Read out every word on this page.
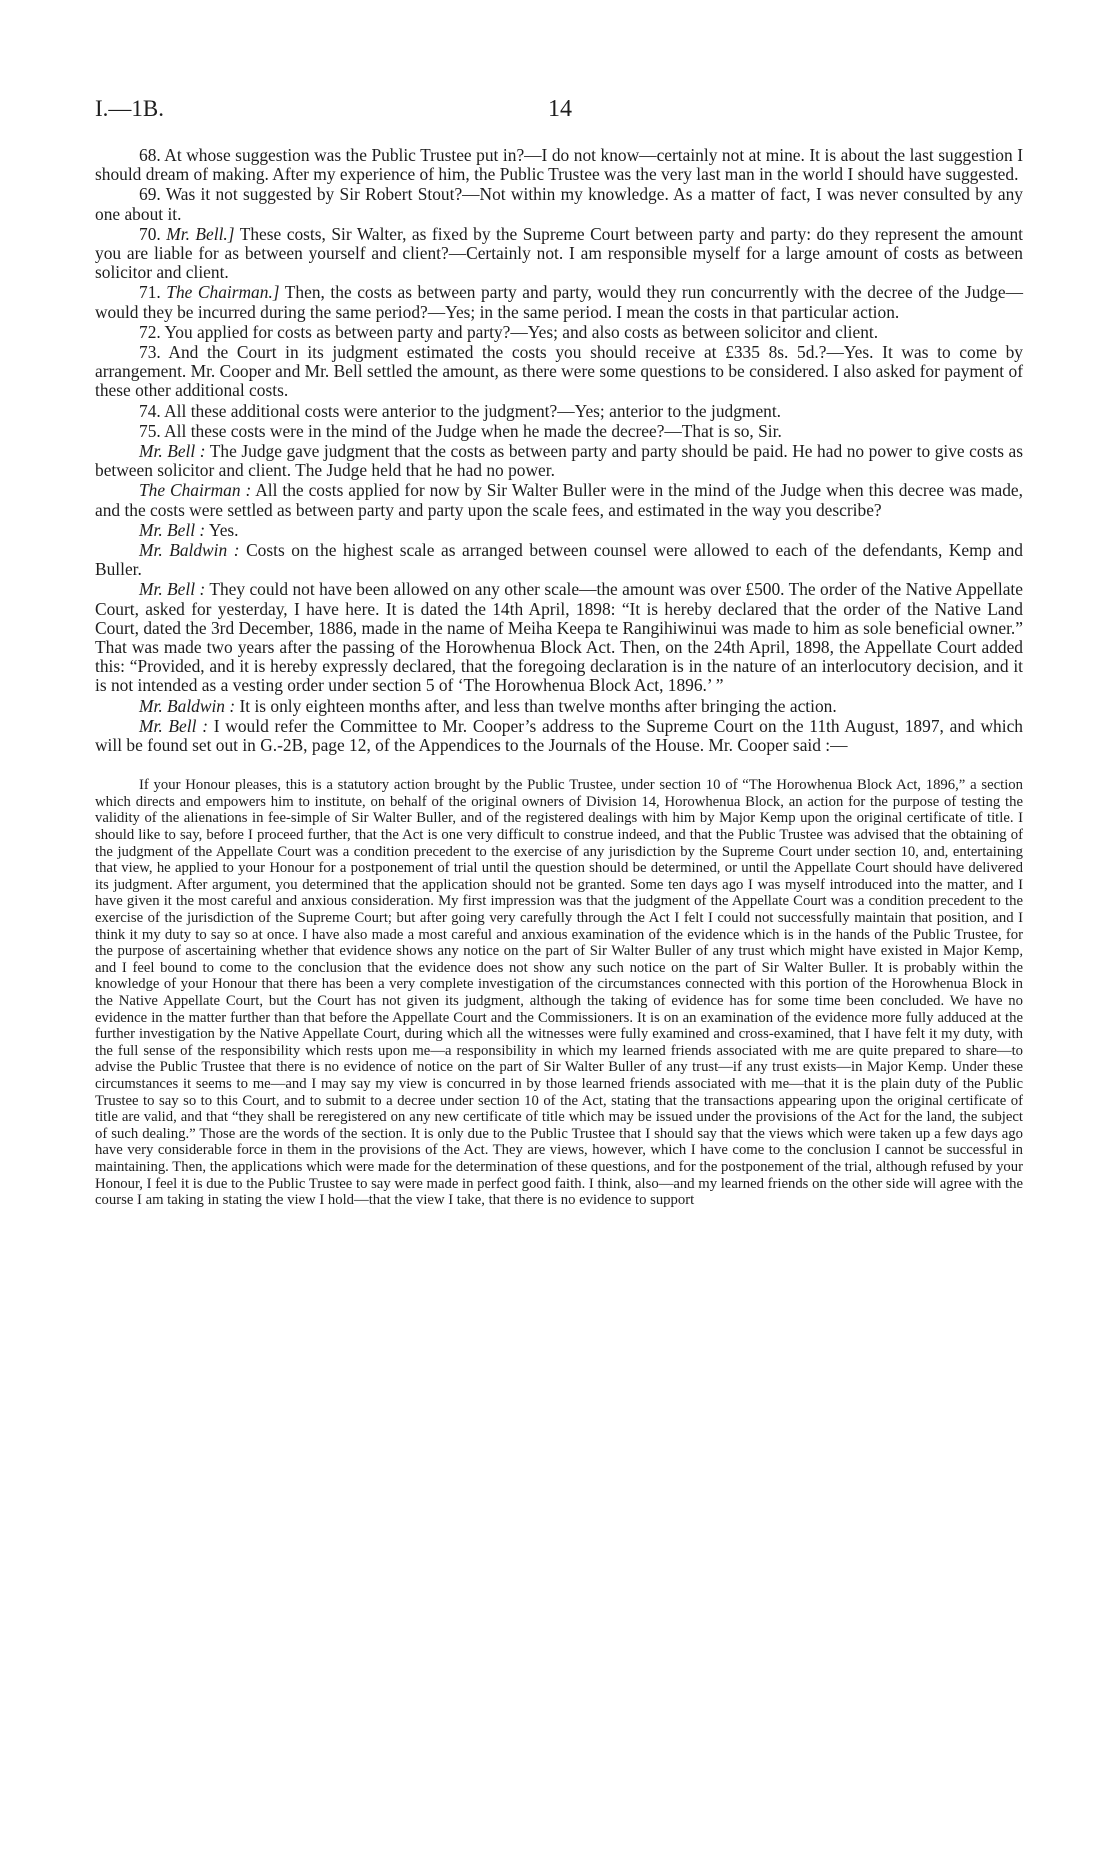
I.—1B.	14

68. At whose suggestion was the Public Trustee put in?—I do not know—certainly not at mine. It is about the last suggestion I should dream of making. After my experience of him, the Public Trustee was the very last man in the world I should have suggested.

69. Was it not suggested by Sir Robert Stout?—Not within my knowledge. As a matter of fact, I was never consulted by any one about it.

70. Mr. Bell.] These costs, Sir Walter, as fixed by the Supreme Court between party and party: do they represent the amount you are liable for as between yourself and client?—Certainly not. I am responsible myself for a large amount of costs as between solicitor and client.

71. The Chairman.] Then, the costs as between party and party, would they run concurrently with the decree of the Judge—would they be incurred during the same period?—Yes; in the same period. I mean the costs in that particular action.

72. You applied for costs as between party and party?—Yes; and also costs as between solicitor and client.

73. And the Court in its judgment estimated the costs you should receive at £335 8s. 5d.?—Yes. It was to come by arrangement. Mr. Cooper and Mr. Bell settled the amount, as there were some questions to be considered. I also asked for payment of these other additional costs.

74. All these additional costs were anterior to the judgment?—Yes; anterior to the judgment.

75. All these costs were in the mind of the Judge when he made the decree?—That is so, Sir.

Mr. Bell : The Judge gave judgment that the costs as between party and party should be paid. He had no power to give costs as between solicitor and client. The Judge held that he had no power.

The Chairman : All the costs applied for now by Sir Walter Buller were in the mind of the Judge when this decree was made, and the costs were settled as between party and party upon the scale fees, and estimated in the way you describe?

Mr. Bell : Yes.

Mr. Baldwin : Costs on the highest scale as arranged between counsel were allowed to each of the defendants, Kemp and Buller.

Mr. Bell : They could not have been allowed on any other scale—the amount was over £500. The order of the Native Appellate Court, asked for yesterday, I have here. It is dated the 14th April, 1898: “It is hereby declared that the order of the Native Land Court, dated the 3rd December, 1886, made in the name of Meiha Keepa te Rangihiwinui was made to him as sole beneficial owner.” That was made two years after the passing of the Horowhenua Block Act. Then, on the 24th April, 1898, the Appellate Court added this: “Provided, and it is hereby expressly declared, that the foregoing declaration is in the nature of an interlocutory decision, and it is not intended as a vesting order under section 5 of ‘The Horowhenua Block Act, 1896.’ ”

Mr. Baldwin : It is only eighteen months after, and less than twelve months after bringing the action.

Mr. Bell : I would refer the Committee to Mr. Cooper’s address to the Supreme Court on the 11th August, 1897, and which will be found set out in G.-2B, page 12, of the Appendices to the Journals of the House. Mr. Cooper said :—

If your Honour pleases, this is a statutory action brought by the Public Trustee, under section 10 of “The Horowhenua Block Act, 1896,” a section which directs and empowers him to institute, on behalf of the original owners of Division 14, Horowhenua Block, an action for the purpose of testing the validity of the alienations in fee-simple of Sir Walter Buller, and of the registered dealings with him by Major Kemp upon the original certificate of title. I should like to say, before I proceed further, that the Act is one very difficult to construe indeed, and that the Public Trustee was advised that the obtaining of the judgment of the Appellate Court was a condition precedent to the exercise of any jurisdiction by the Supreme Court under section 10, and, entertaining that view, he applied to your Honour for a postponement of trial until the question should be determined, or until the Appellate Court should have delivered its judgment. After argument, you determined that the application should not be granted. Some ten days ago I was myself introduced into the matter, and I have given it the most careful and anxious consideration. My first impression was that the judgment of the Appellate Court was a condition precedent to the exercise of the jurisdiction of the Supreme Court; but after going very carefully through the Act I felt I could not successfully maintain that position, and I think it my duty to say so at once. I have also made a most careful and anxious examination of the evidence which is in the hands of the Public Trustee, for the purpose of ascertaining whether that evidence shows any notice on the part of Sir Walter Buller of any trust which might have existed in Major Kemp, and I feel bound to come to the conclusion that the evidence does not show any such notice on the part of Sir Walter Buller. It is probably within the knowledge of your Honour that there has been a very complete investigation of the circumstances connected with this portion of the Horowhenua Block in the Native Appellate Court, but the Court has not given its judgment, although the taking of evidence has for some time been concluded. We have no evidence in the matter further than that before the Appellate Court and the Commissioners. It is on an examination of the evidence more fully adduced at the further investigation by the Native Appellate Court, during which all the witnesses were fully examined and cross-examined, that I have felt it my duty, with the full sense of the responsibility which rests upon me—a responsibility in which my learned friends associated with me are quite prepared to share—to advise the Public Trustee that there is no evidence of notice on the part of Sir Walter Buller of any trust—if any trust exists—in Major Kemp. Under these circumstances it seems to me—and I may say my view is concurred in by those learned friends associated with me—that it is the plain duty of the Public Trustee to say so to this Court, and to submit to a decree under section 10 of the Act, stating that the transactions appearing upon the original certificate of title are valid, and that “they shall be reregistered on any new certificate of title which may be issued under the provisions of the Act for the land, the subject of such dealing.” Those are the words of the section. It is only due to the Public Trustee that I should say that the views which were taken up a few days ago have very considerable force in them in the provisions of the Act. They are views, however, which I have come to the conclusion I cannot be successful in maintaining. Then, the applications which were made for the determination of these questions, and for the postponement of the trial, although refused by your Honour, I feel it is due to the Public Trustee to say were made in perfect good faith. I think, also—and my learned friends on the other side will agree with the course I am taking in stating the view I hold—that the view I take, that there is no evidence to support
